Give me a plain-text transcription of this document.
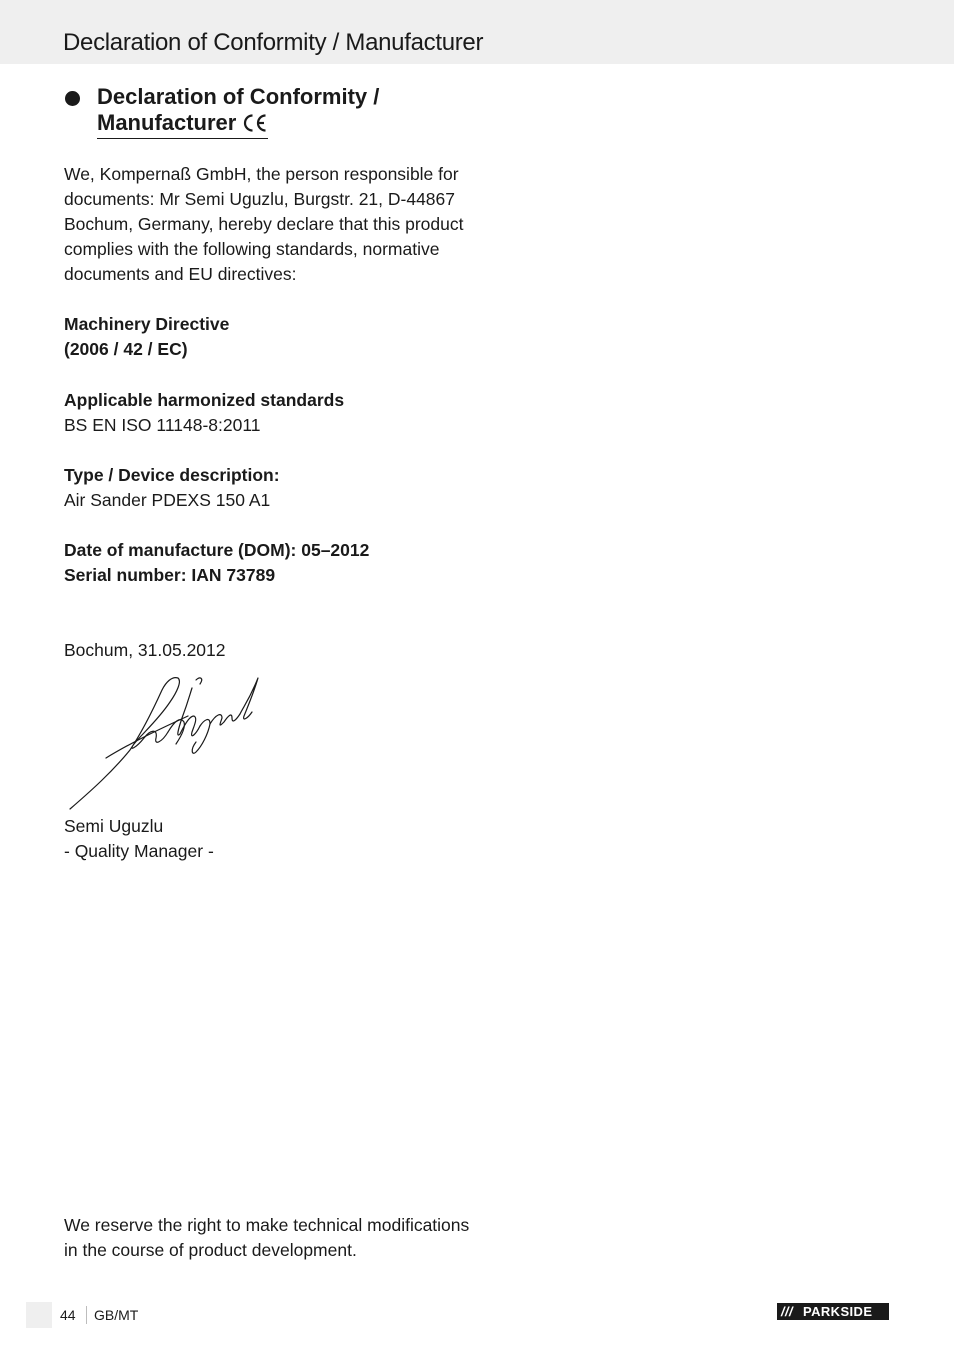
Declaration of Conformity / Manufacturer
Declaration of Conformity /
Manufacturer

We, Kompernaß GmbH, the person responsible for
documents: Mr Semi Uguzlu, Burgstr. 21, D-44867
Bochum, Germany, hereby declare that this product
complies with the following standards, normative
documents and EU directives:

Machinery Directive
(2006 / 42 / EC)

Applicable harmonized standards
BS EN ISO 11148-8:2011

Type / Device description:
Air Sander PDEXS 150 A1

Date of manufacture (DOM): 05–2012
Serial number: IAN 73789

Bochum, 31.05.2012

Semi Uguzlu
- Quality Manager -

We reserve the right to make technical modifications
in the course of product development.

44 GB/MT	/// PARKSIDE
